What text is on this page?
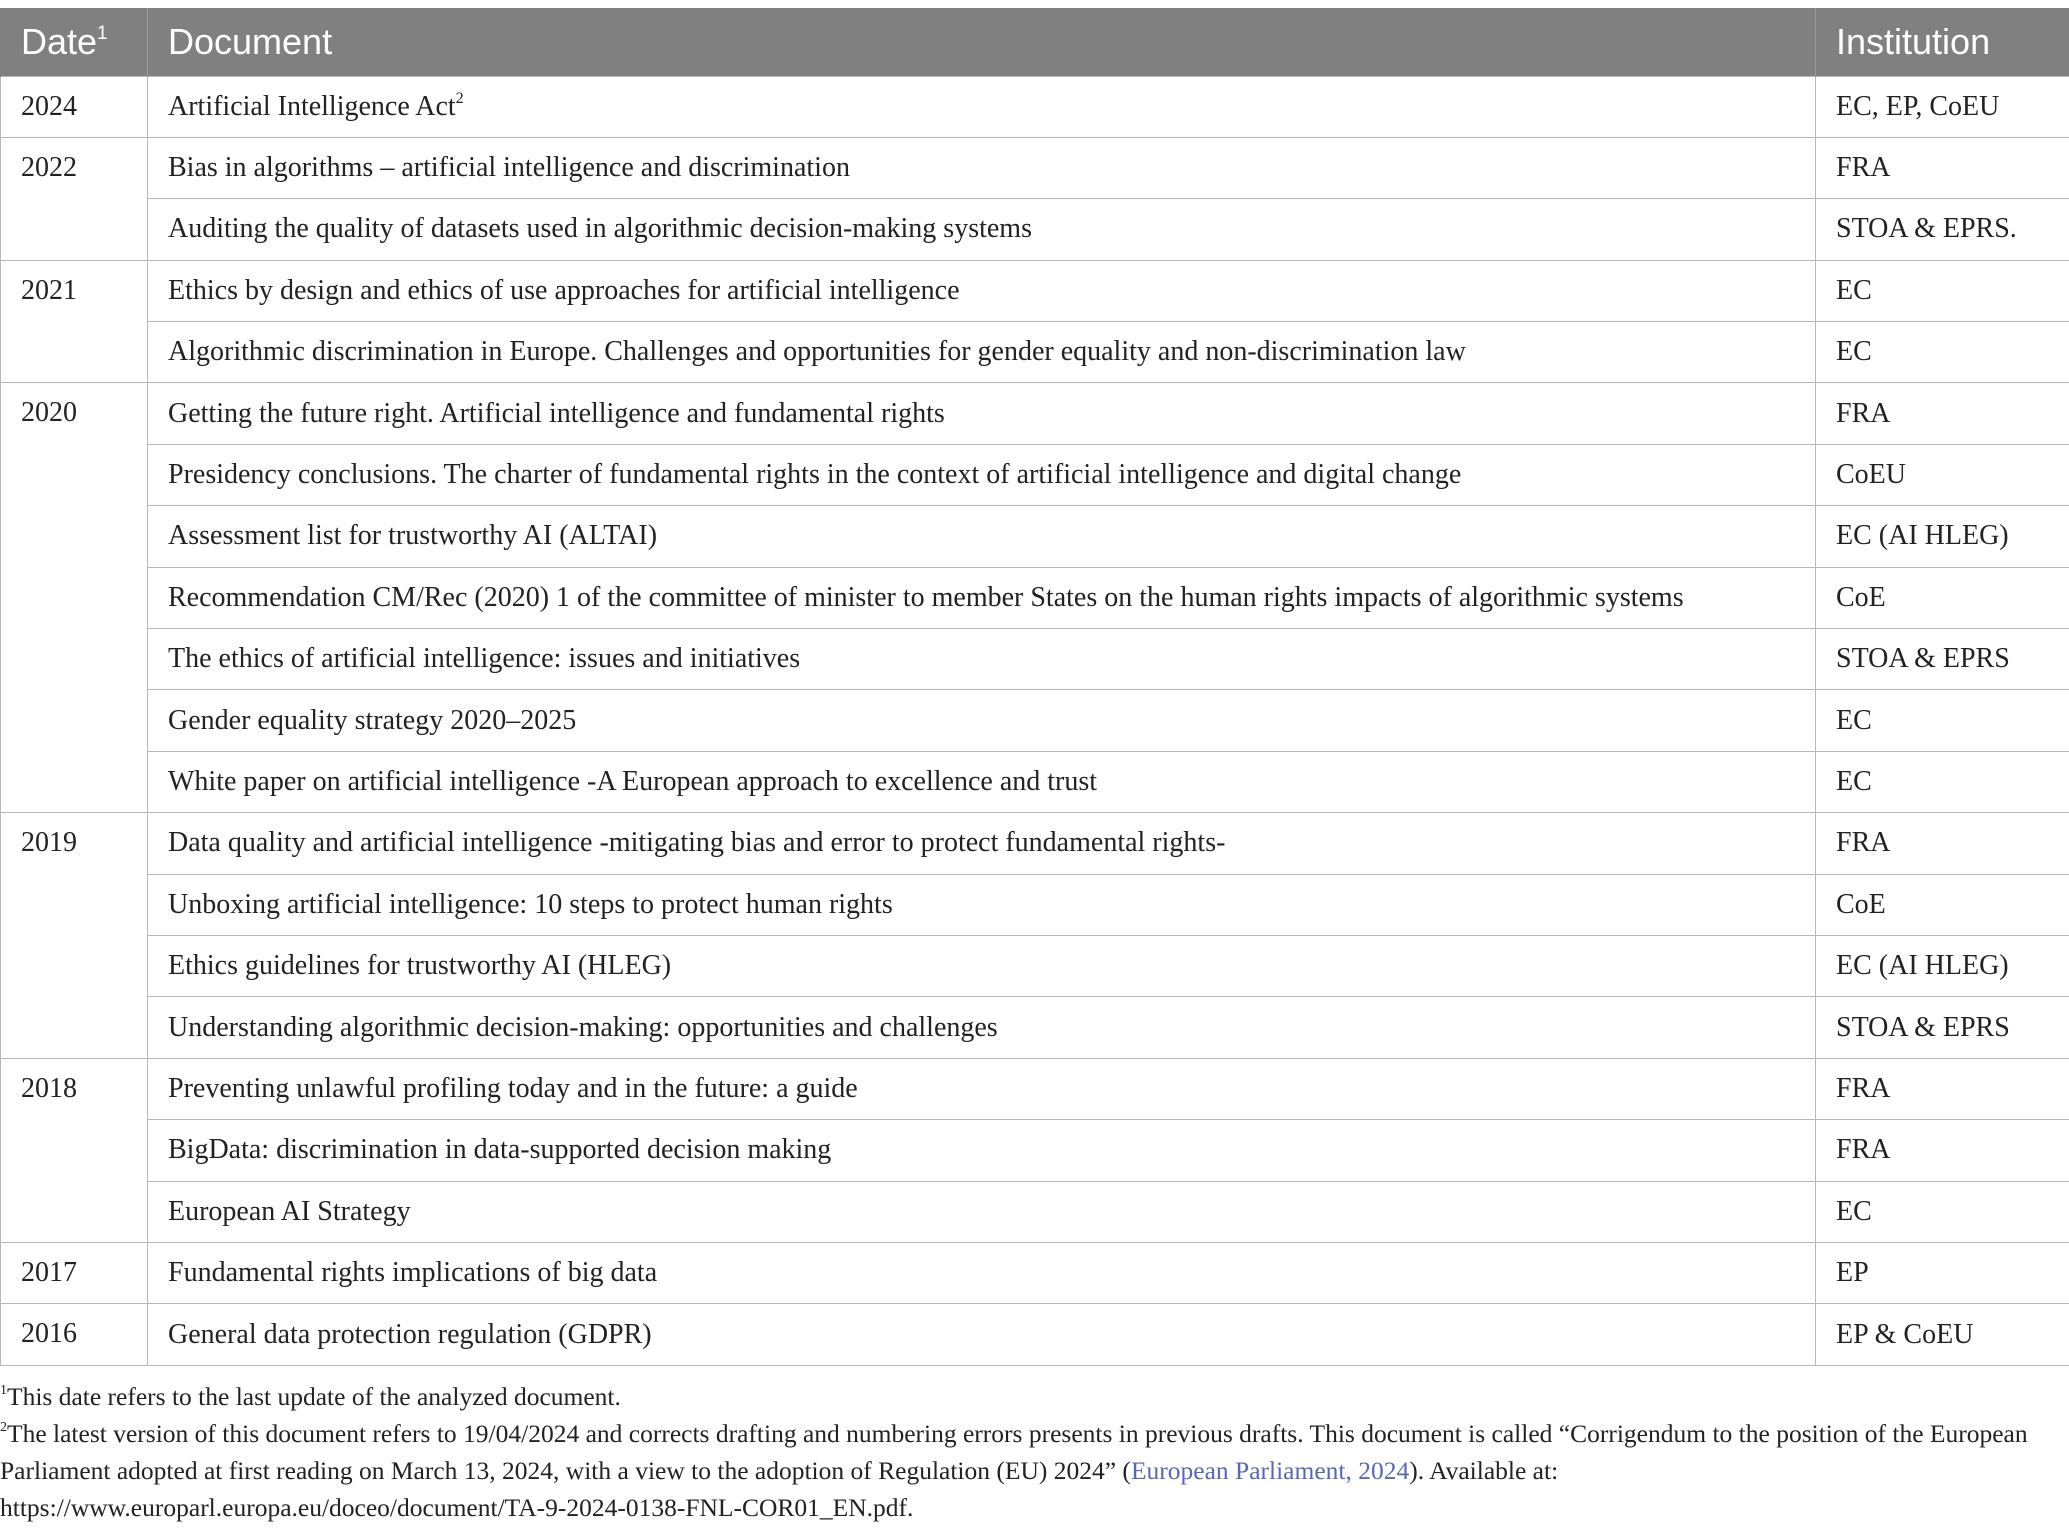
Date$^1$	Document	Institution
2024	Artificial Intelligence Act$^2$	EC, EP, CoEU
2022	Bias in algorithms – artificial intelligence and discrimination	FRA
	Auditing the quality of datasets used in algorithmic decision-making systems	STOA & EPRS.
2021	Ethics by design and ethics of use approaches for artificial intelligence	EC
	Algorithmic discrimination in Europe. Challenges and opportunities for gender equality and non-discrimination law	EC
2020	Getting the future right. Artificial intelligence and fundamental rights	FRA
	Presidency conclusions. The charter of fundamental rights in the context of artificial intelligence and digital change	CoEU
	Assessment list for trustworthy AI (ALTAI)	EC (AI HLEG)
	Recommendation CM/Rec (2020) 1 of the committee of minister to member States on the human rights impacts of algorithmic systems	CoE
	The ethics of artificial intelligence: issues and initiatives	STOA & EPRS
	Gender equality strategy 2020–2025	EC
	White paper on artificial intelligence -A European approach to excellence and trust	EC
2019	Data quality and artificial intelligence -mitigating bias and error to protect fundamental rights-	FRA
	Unboxing artificial intelligence: 10 steps to protect human rights	CoE
	Ethics guidelines for trustworthy AI (HLEG)	EC (AI HLEG)
	Understanding algorithmic decision-making: opportunities and challenges	STOA & EPRS
2018	Preventing unlawful profiling today and in the future: a guide	FRA
	BigData: discrimination in data-supported decision making	FRA
	European AI Strategy	EC
2017	Fundamental rights implications of big data	EP
2016	General data protection regulation (GDPR)	EP & CoEU

$^1$This date refers to the last update of the analyzed document.

$^2$The latest version of this document refers to 19/04/2024 and corrects drafting and numbering errors presents in previous drafts. This document is called “Corrigendum to the position of the European Parliament adopted at first reading on March 13, 2024, with a view to the adoption of Regulation (EU) 2024” (European Parliament, 2024). Available at: https://www.europarl.europa.eu/doceo/document/TA-9-2024-0138-FNL-COR01_EN.pdf.
